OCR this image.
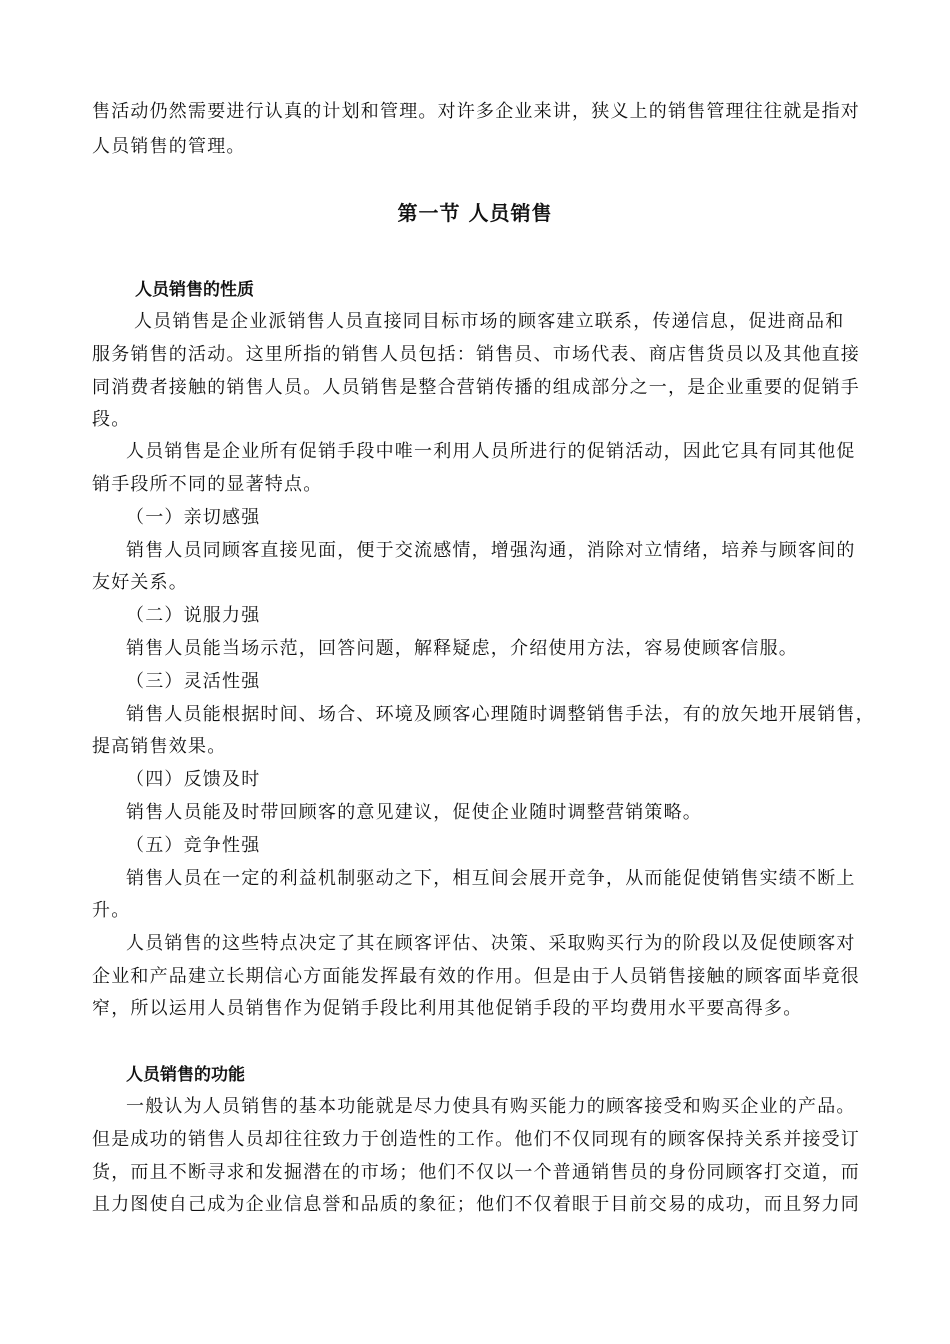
售活动仍然需要进行认真的计划和管理。对许多企业来讲，狭义上的销售管理往往就是指对
人员销售的管理。
第一节 人员销售
人员销售的性质
人员销售是企业派销售人员直接同目标市场的顾客建立联系，传递信息，促进商品和
服务销售的活动。这里所指的销售人员包括：销售员、市场代表、商店售货员以及其他直接
同消费者接触的销售人员。人员销售是整合营销传播的组成部分之一，是企业重要的促销手
段。
人员销售是企业所有促销手段中唯一利用人员所进行的促销活动，因此它具有同其他促
销手段所不同的显著特点。
（一）亲切感强
销售人员同顾客直接见面，便于交流感情，增强沟通，消除对立情绪，培养与顾客间的
友好关系。
（二）说服力强
销售人员能当场示范，回答问题，解释疑虑，介绍使用方法，容易使顾客信服。
（三）灵活性强
销售人员能根据时间、场合、环境及顾客心理随时调整销售手法，有的放矢地开展销售，
提高销售效果。
（四）反馈及时
销售人员能及时带回顾客的意见建议，促使企业随时调整营销策略。
（五）竞争性强
销售人员在一定的利益机制驱动之下，相互间会展开竞争，从而能促使销售实绩不断上
升。
人员销售的这些特点决定了其在顾客评估、决策、采取购买行为的阶段以及促使顾客对
企业和产品建立长期信心方面能发挥最有效的作用。但是由于人员销售接触的顾客面毕竟很
窄，所以运用人员销售作为促销手段比利用其他促销手段的平均费用水平要高得多。
人员销售的功能
一般认为人员销售的基本功能就是尽力使具有购买能力的顾客接受和购买企业的产品。
但是成功的销售人员却往往致力于创造性的工作。他们不仅同现有的顾客保持关系并接受订
货，而且不断寻求和发掘潜在的市场；他们不仅以一个普通销售员的身份同顾客打交道，而
且力图使自己成为企业信息誉和品质的象征；他们不仅着眼于目前交易的成功，而且努力同
